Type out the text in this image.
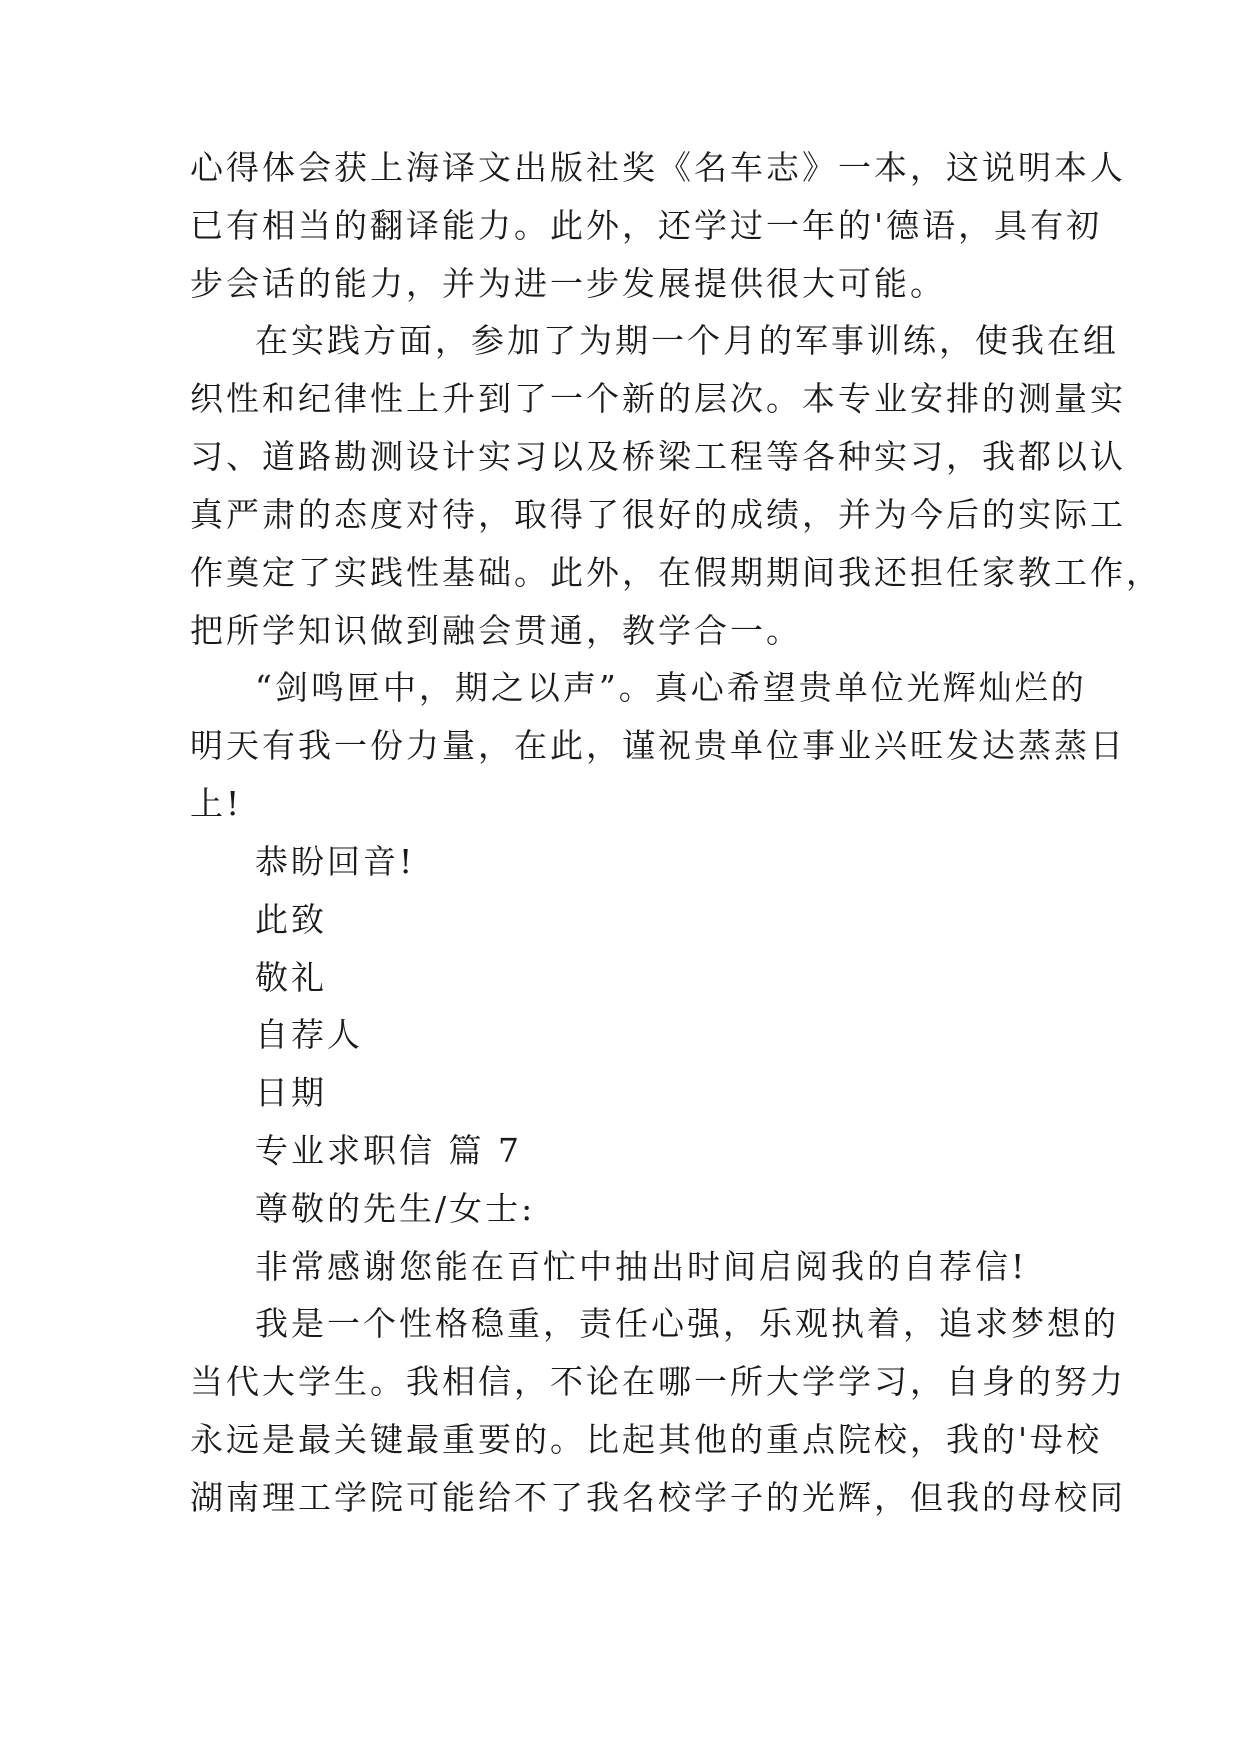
心得体会获上海译文出版社奖《名车志》一本，这说明本人
已有相当的翻译能力。此外，还学过一年的'德语，具有初
步会话的能力，并为进一步发展提供很大可能。
在实践方面，参加了为期一个月的军事训练，使我在组
织性和纪律性上升到了一个新的层次。本专业安排的测量实
习、道路勘测设计实习以及桥梁工程等各种实习，我都以认
真严肃的态度对待，取得了很好的成绩，并为今后的实际工
作奠定了实践性基础。此外，在假期期间我还担任家教工作，
把所学知识做到融会贯通，教学合一。
“剑鸣匣中，期之以声”。真心希望贵单位光辉灿烂的
明天有我一份力量，在此，谨祝贵单位事业兴旺发达蒸蒸日
上!
恭盼回音!
此致
敬礼
自荐人
日期
专业求职信 篇 7
尊敬的先生/女士:
非常感谢您能在百忙中抽出时间启阅我的自荐信!
我是一个性格稳重，责任心强，乐观执着，追求梦想的
当代大学生。我相信，不论在哪一所大学学习，自身的努力
永远是最关键最重要的。比起其他的重点院校，我的'母校
湖南理工学院可能给不了我名校学子的光辉，但我的母校同
